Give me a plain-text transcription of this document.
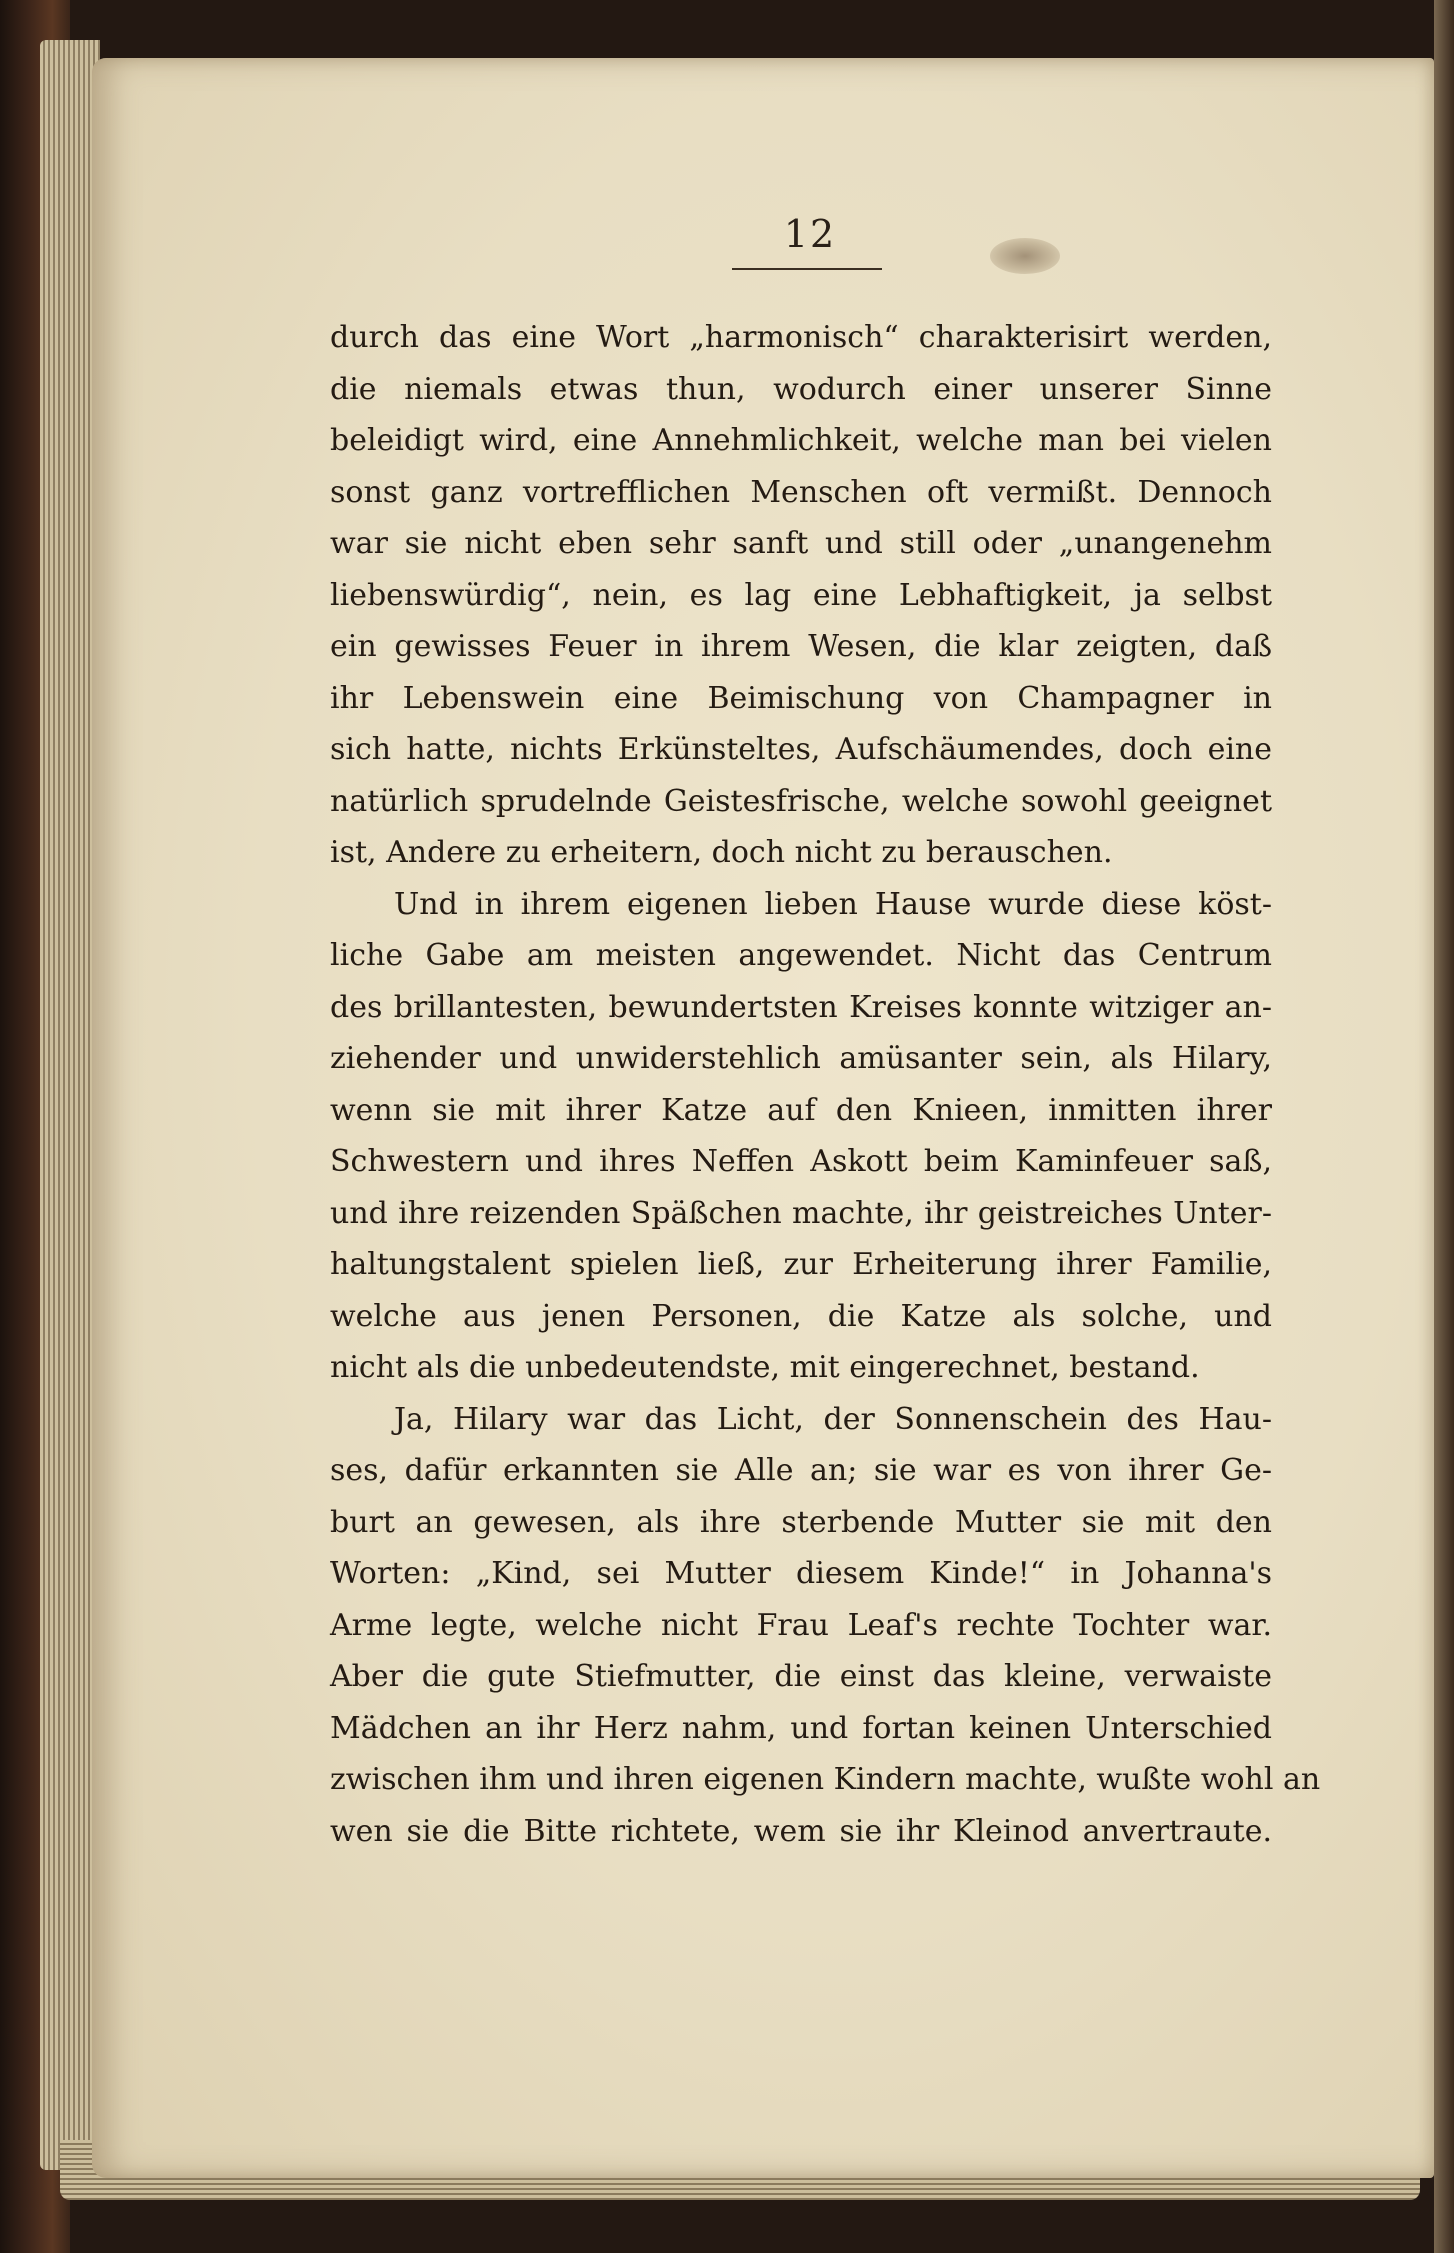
12
durch das eine Wort „harmonisch“ charakterisirt werden,
die niemals etwas thun, wodurch einer unserer Sinne
beleidigt wird, eine Annehmlichkeit, welche man bei vielen
sonst ganz vortrefflichen Menschen oft vermißt. Dennoch
war sie nicht eben sehr sanft und still oder „unangenehm
liebenswürdig“, nein, es lag eine Lebhaftigkeit, ja selbst
ein gewisses Feuer in ihrem Wesen, die klar zeigten, daß
ihr Lebenswein eine Beimischung von Champagner in
sich hatte, nichts Erkünsteltes, Aufschäumendes, doch eine
natürlich sprudelnde Geistesfrische, welche sowohl geeignet
ist, Andere zu erheitern, doch nicht zu berauschen.
Und in ihrem eigenen lieben Hause wurde diese köst-
liche Gabe am meisten angewendet. Nicht das Centrum
des brillantesten, bewundertsten Kreises konnte witziger an-
ziehender und unwiderstehlich amüsanter sein, als Hilary,
wenn sie mit ihrer Katze auf den Knieen, inmitten ihrer
Schwestern und ihres Neffen Askott beim Kaminfeuer saß,
und ihre reizenden Späßchen machte, ihr geistreiches Unter-
haltungstalent spielen ließ, zur Erheiterung ihrer Familie,
welche aus jenen Personen, die Katze als solche, und
nicht als die unbedeutendste, mit eingerechnet, bestand.
Ja, Hilary war das Licht, der Sonnenschein des Hau-
ses, dafür erkannten sie Alle an; sie war es von ihrer Ge-
burt an gewesen, als ihre sterbende Mutter sie mit den
Worten: „Kind, sei Mutter diesem Kinde!“ in Johanna's
Arme legte, welche nicht Frau Leaf's rechte Tochter war.
Aber die gute Stiefmutter, die einst das kleine, verwaiste
Mädchen an ihr Herz nahm, und fortan keinen Unterschied
zwischen ihm und ihren eigenen Kindern machte, wußte wohl an
wen sie die Bitte richtete, wem sie ihr Kleinod anvertraute.
